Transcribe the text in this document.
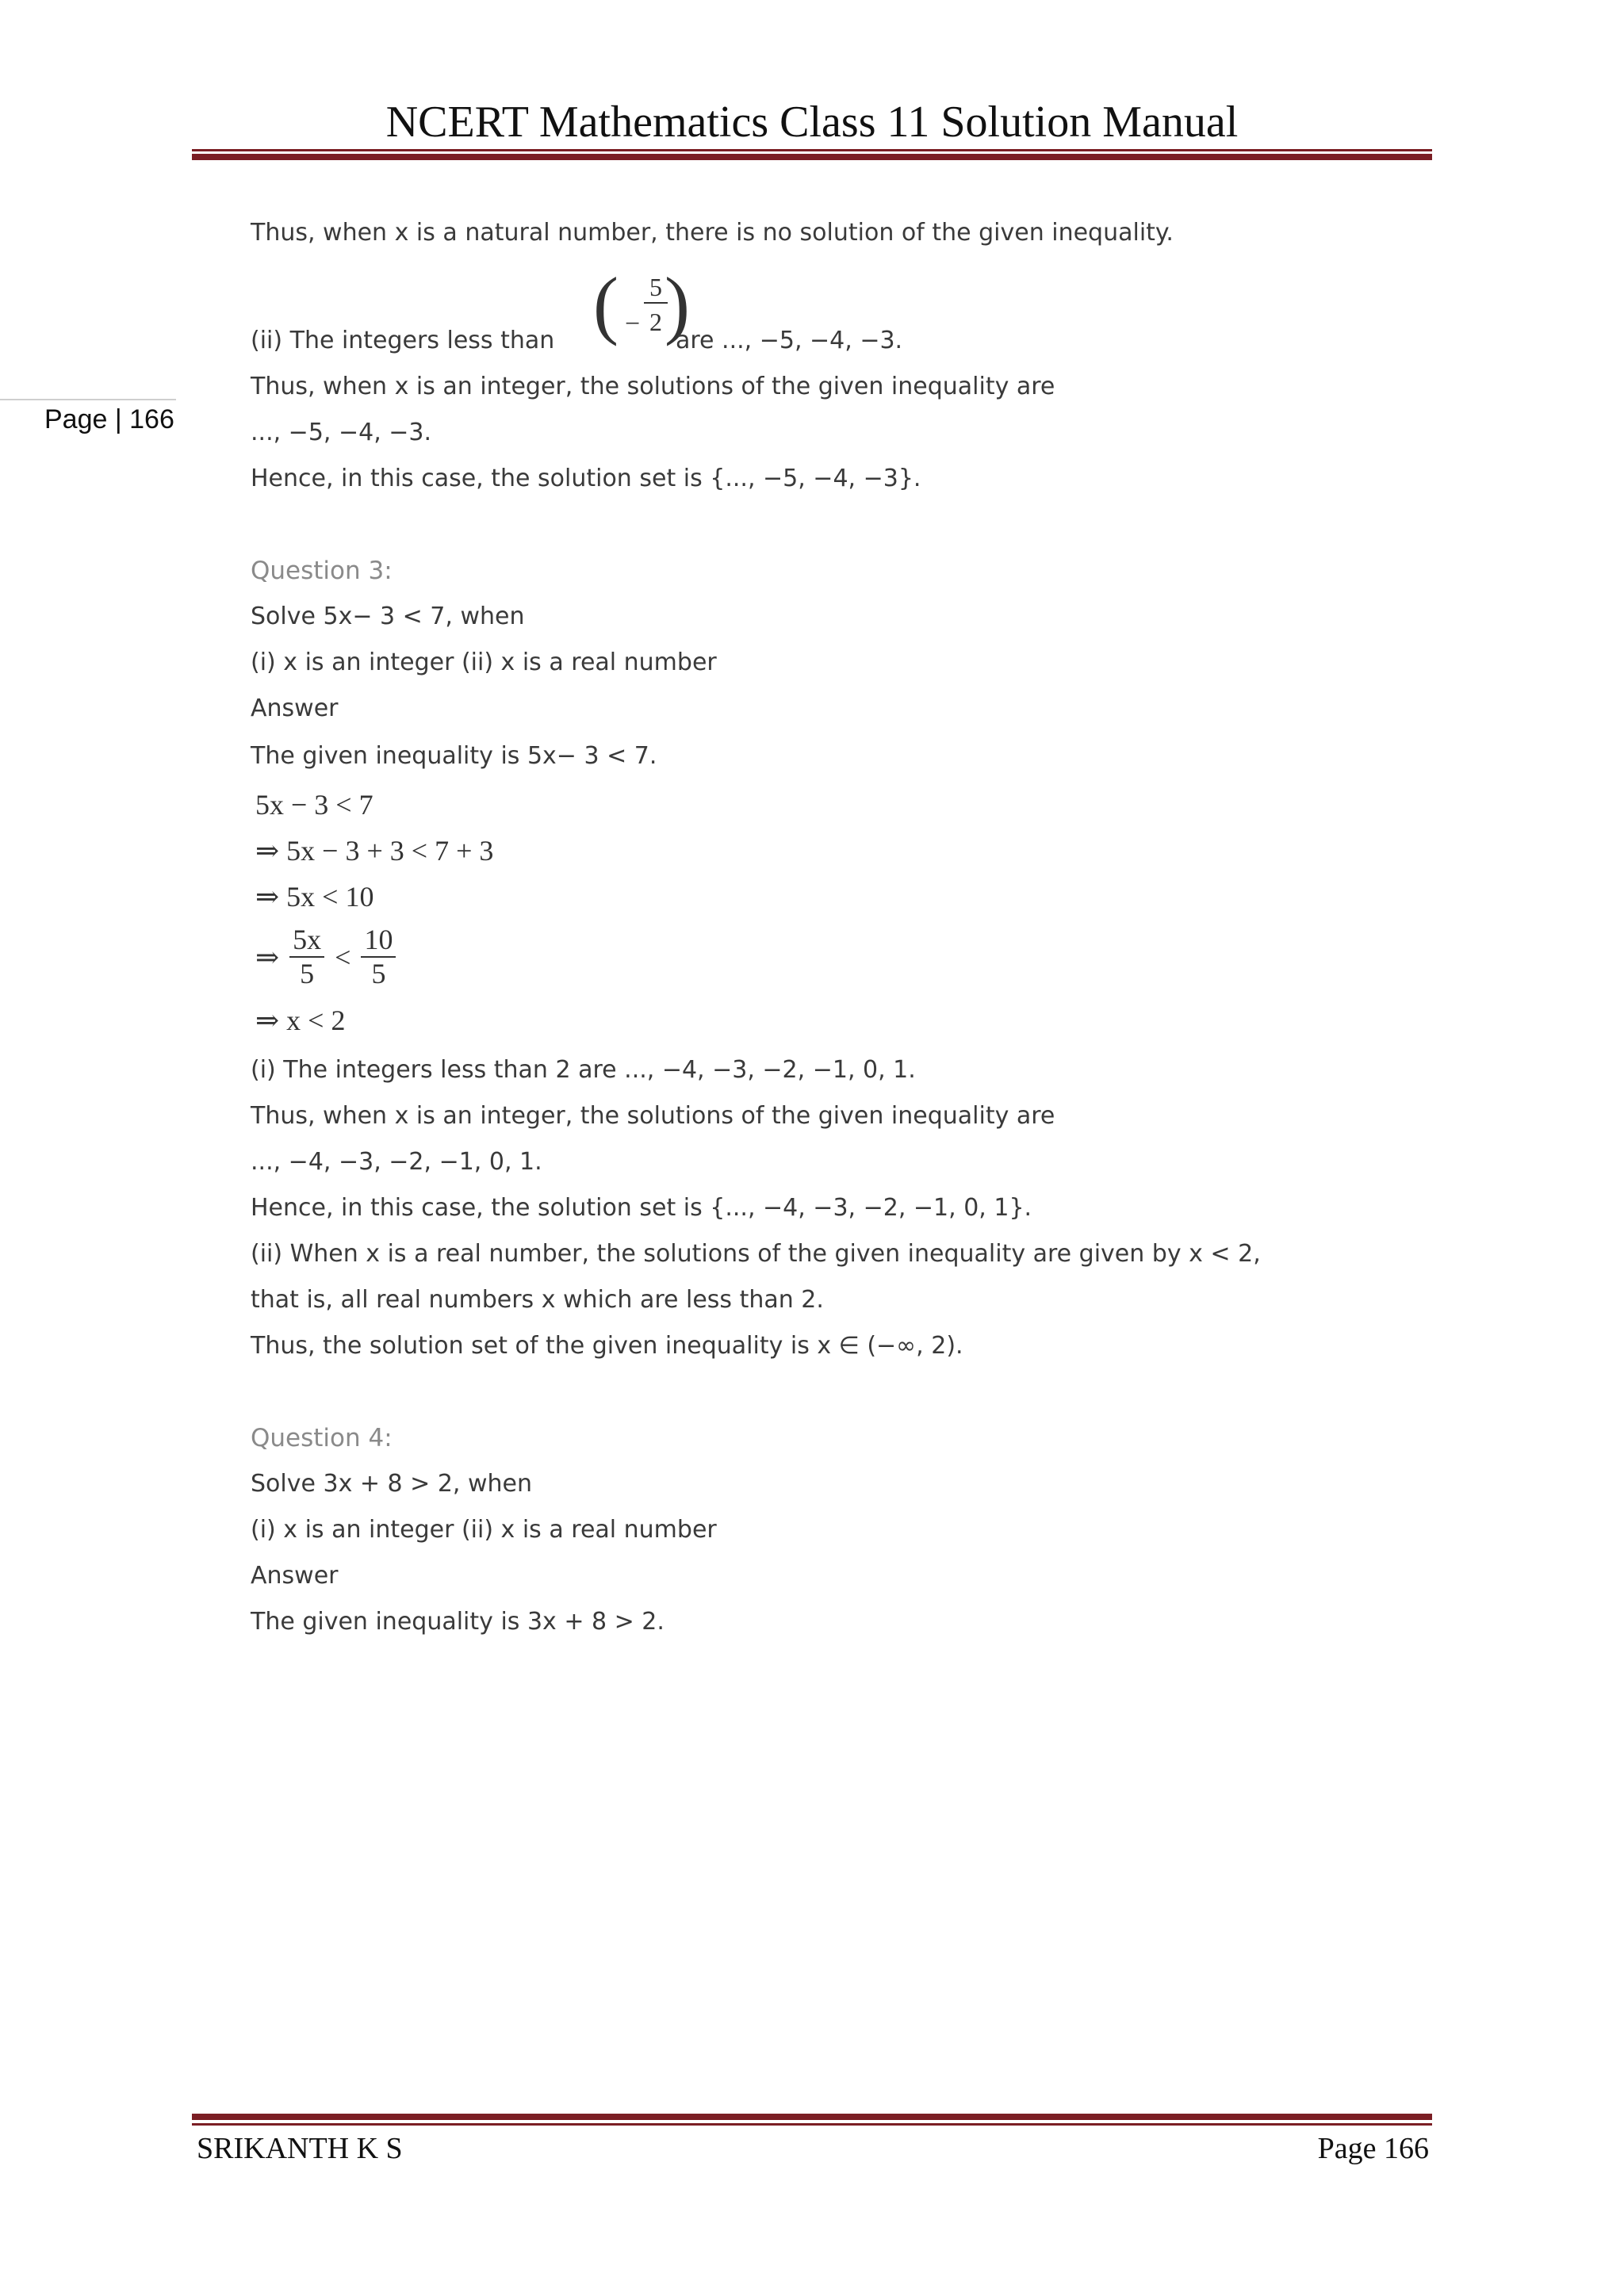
NCERT Mathematics Class 11 Solution Manual
Page | 166
Thus, when x is a natural number, there is no solution of the given inequality.
(ii) The integers less than ( −
5
2 )
are ..., −5, −4, −3.
Thus, when x is an integer, the solutions of the given inequality are
..., −5, −4, −3.
Hence, in this case, the solution set is {..., −5, −4, −3}.
Question 3:
Solve 5x− 3 < 7, when
(i) x is an integer (ii) x is a real number
Answer
The given inequality is 5x− 3 < 7.
5x − 3 < 7
⇒ 5x − 3 + 3 < 7 + 3
⇒ 5x < 10
⇒ $\frac{5x}{5} < \frac{10}{5}$
⇒ x < 2
(i) The integers less than 2 are ..., −4, −3, −2, −1, 0, 1.
Thus, when x is an integer, the solutions of the given inequality are
..., −4, −3, −2, −1, 0, 1.
Hence, in this case, the solution set is {..., −4, −3, −2, −1, 0, 1}.
(ii) When x is a real number, the solutions of the given inequality are given by x < 2,
that is, all real numbers x which are less than 2.
Thus, the solution set of the given inequality is x ∈ (−∞, 2).
Question 4:
Solve 3x + 8 > 2, when
(i) x is an integer (ii) x is a real number
Answer
The given inequality is 3x + 8 > 2.
SRIKANTH K S	Page 166
